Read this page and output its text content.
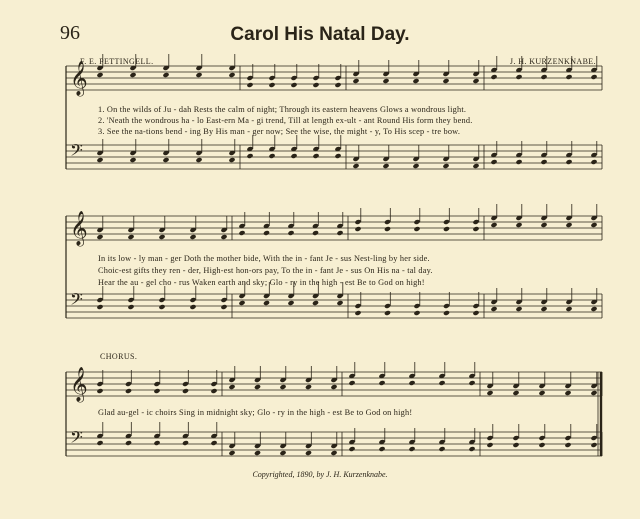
𝄞
𝄢
𝄞
𝄢
𝄞
𝄢
96	Carol His Natal Day.
F. E. PETTINGELL.	J. H. KURZENKNABE.
CHORUS.
1. On the wilds of Ju - dah Rests the calm of night; Through its eastern heavens Glows a wondrous light.
2. 'Neath the wondrous ha - lo East-ern Ma - gi trend, Till at length ex-ult - ant Round His form they bend.
3. See the na-tions bend - ing By His man - ger now; See the wise, the might - y, To His scep - tre bow.
In its low - ly man - ger Doth the mother bide, With the in - fant Je - sus Nest-ling by her side.
Choic-est gifts they ren - der, High-est hon-ors pay, To the in - fant Je - sus On His na - tal day.
Hear the au - gel cho - rus Waken earth and sky; Glo - ry in the high - est Be to God on high!
Glad au-gel - ic choirs Sing in midnight sky; Glo - ry in the high - est Be to God on high!
Copyrighted, 1890, by J. H. Kurzenknabe.
